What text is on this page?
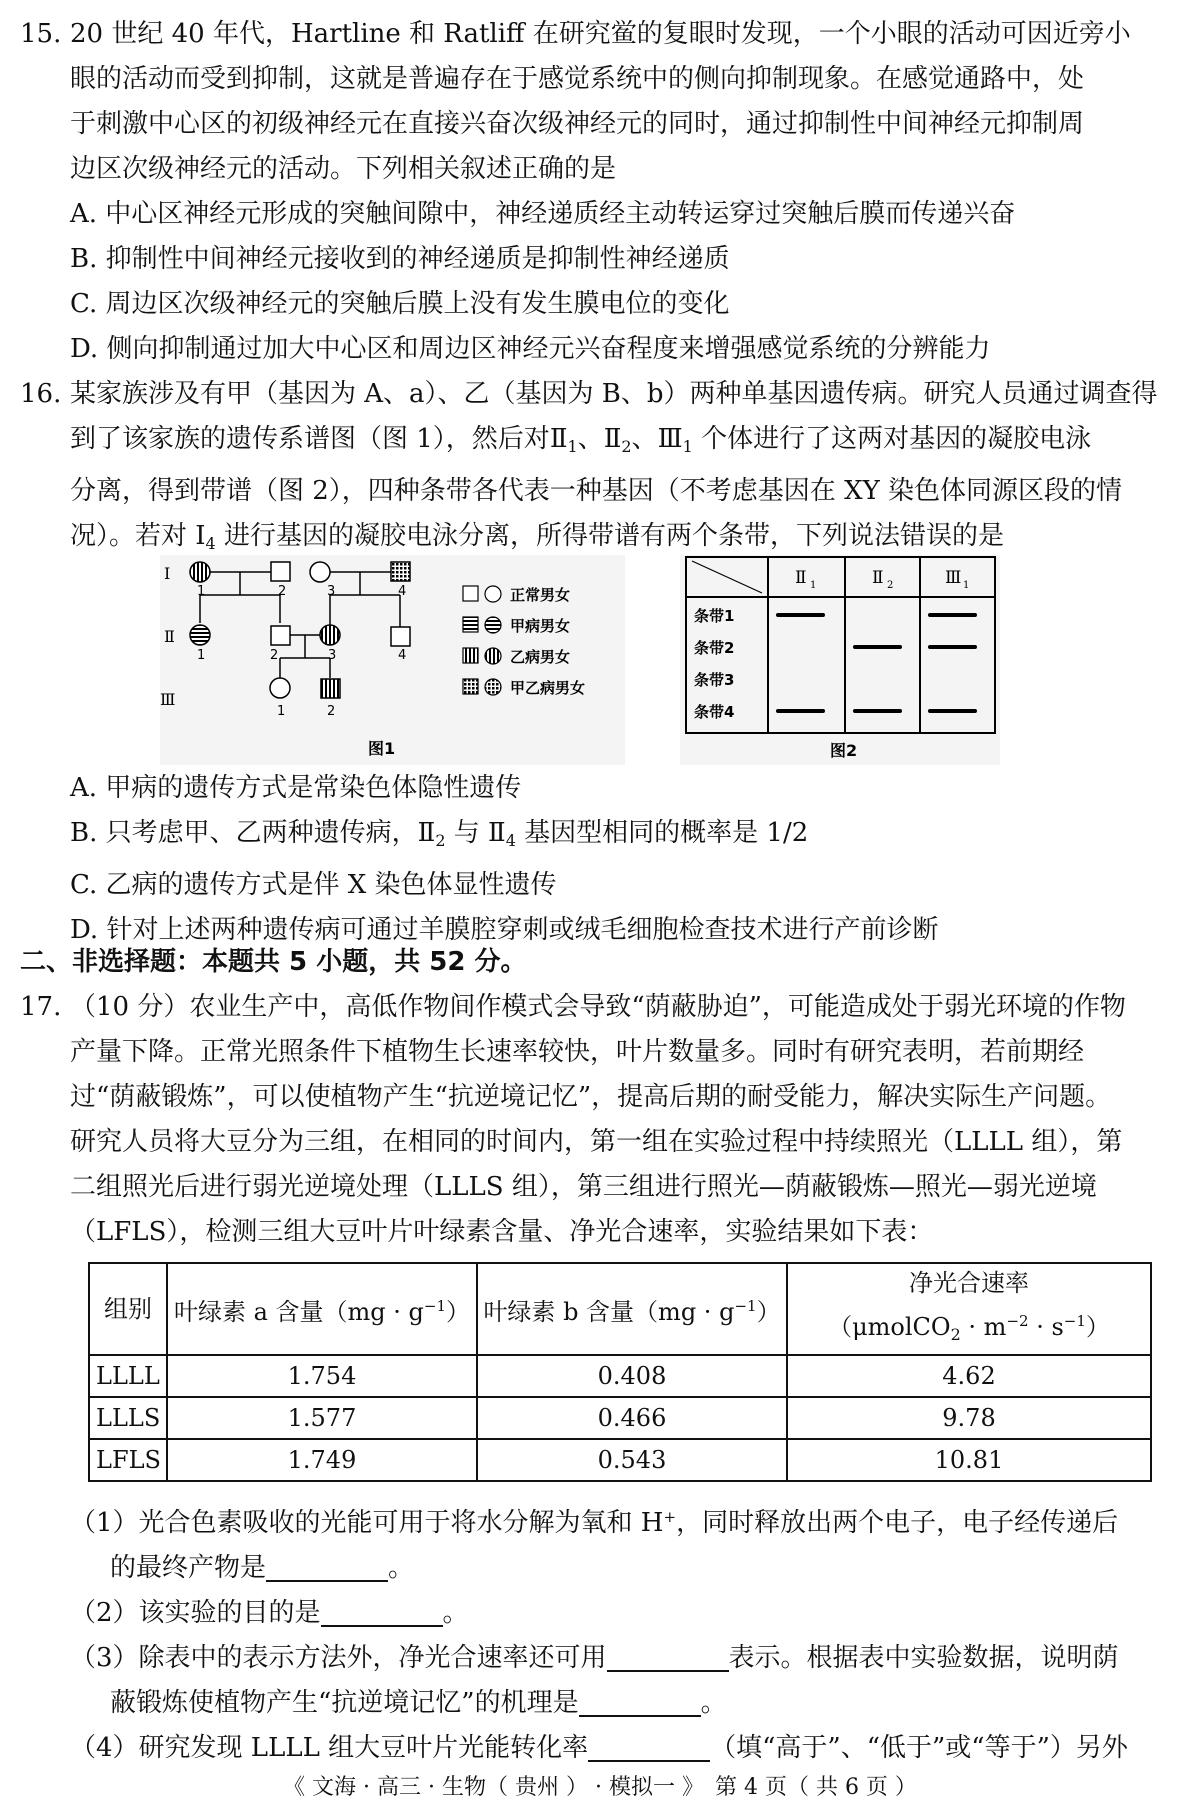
15. 20 世纪 40 年代，Hartline 和 Ratliff 在研究鲎的复眼时发现，一个小眼的活动可因近旁小
眼的活动而受到抑制，这就是普遍存在于感觉系统中的侧向抑制现象。在感觉通路中，处
于刺激中心区的初级神经元在直接兴奋次级神经元的同时，通过抑制性中间神经元抑制周
边区次级神经元的活动。下列相关叙述正确的是
A. 中心区神经元形成的突触间隙中，神经递质经主动转运穿过突触后膜而传递兴奋
B. 抑制性中间神经元接收到的神经递质是抑制性神经递质
C. 周边区次级神经元的突触后膜上没有发生膜电位的变化
D. 侧向抑制通过加大中心区和周边区神经元兴奋程度来增强感觉系统的分辨能力
16. 某家族涉及有甲（基因为 A、a）、乙（基因为 B、b）两种单基因遗传病。研究人员通过调查得
到了该家族的遗传系谱图（图 1），然后对$Ⅱ_1$、$Ⅱ_2$、$Ⅲ_1$ 个体进行了这两对基因的凝胶电泳
分离，得到带谱（图 2），四种条带各代表一种基因（不考虑基因在 XY 染色体同源区段的情
况）。若对 $Ⅰ_4$ 进行基因的凝胶电泳分离，所得带谱有两个条带，下列说法错误的是
Ⅰ
Ⅱ
Ⅲ
1	2	3	4
1	2	3	4
1	2
正常男女
甲病男女
乙病男女
甲乙病男女
图1
Ⅱ 1	Ⅱ 2	Ⅲ 1
条带1
条带2
条带3
条带4
图2
A. 甲病的遗传方式是常染色体隐性遗传
B. 只考虑甲、乙两种遗传病，$Ⅱ_2$ 与 $Ⅱ_4$ 基因型相同的概率是 1/2
C. 乙病的遗传方式是伴 X 染色体显性遗传
D. 针对上述两种遗传病可通过羊膜腔穿刺或绒毛细胞检查技术进行产前诊断
二、非选择题：本题共 5 小题，共 52 分。
17. （10 分）农业生产中，高低作物间作模式会导致“荫蔽胁迫”，可能造成处于弱光环境的作物
产量下降。正常光照条件下植物生长速率较快，叶片数量多。同时有研究表明，若前期经
过“荫蔽锻炼”，可以使植物产生“抗逆境记忆”，提高后期的耐受能力，解决实际生产问题。
研究人员将大豆分为三组，在相同的时间内，第一组在实验过程中持续照光（LLLL 组），第
二组照光后进行弱光逆境处理（LLLS 组），第三组进行照光—荫蔽锻炼—照光—弱光逆境
（LFLS），检测三组大豆叶片叶绿素含量、净光合速率，实验结果如下表：
组别	叶绿素 a 含量$(mg \cdot g^{-1})$	叶绿素 b 含量$(mg \cdot g^{-1})$	净光合速率
（μmolCO$_2$ · $m^{-2} \cdot s^{-1}$）

LLLL	1.754	0.408	4.62
LLLS	1.577	0.466	9.78
LFLS	1.749	0.543	10.81
（1）光合色素吸收的光能可用于将水分解为氧和 H+，同时释放出两个电子，电子经传递后
的最终产物是	。
（2）该实验的目的是	。
（3）除表中的表示方法外，净光合速率还可用	表示。根据表中实验数据，说明荫
蔽锻炼使植物产生“抗逆境记忆”的机理是	。
（4）研究发现 LLLL 组大豆叶片光能转化率	（填“高于”、“低于”或“等于”）另外
《 文海 · 高三 · 生物（ 贵州 ） · 模拟一 》　第 4 页（ 共 6 页 ）
